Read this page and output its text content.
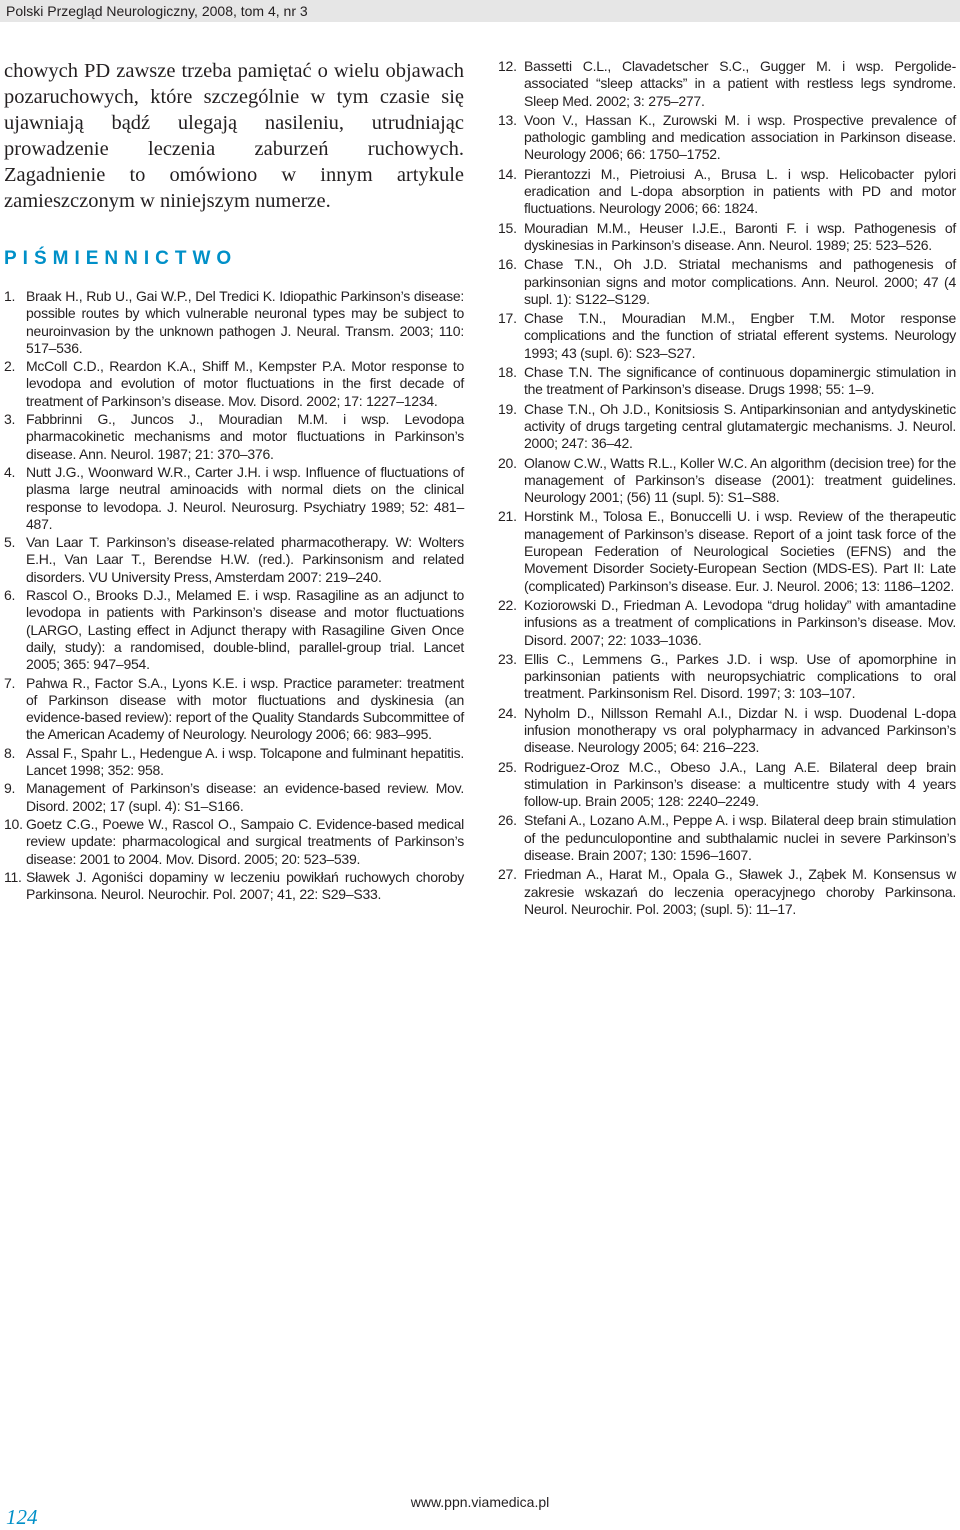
Polski Przegląd Neurologiczny, 2008, tom 4, nr 3

chowych PD zawsze trzeba pamiętać o wielu objawach pozaruchowych, które szczególnie w tym czasie się ujawniają bądź ulegają nasileniu, utrudniając prowadzenie leczenia zaburzeń ruchowych. Zagadnienie to omówiono w innym artykule zamieszczonym w niniejszym numerze.

PIŚMIENNICTWO
1. Braak H., Rub U., Gai W.P., Del Tredici K. Idiopathic Parkinson’s disease: possible routes by which vulnerable neuronal types may be subject to neuroinvasion by the unknown pathogen J. Neural. Transm. 2003; 110: 517–536.
2. McColl C.D., Reardon K.A., Shiff M., Kempster P.A. Motor response to levodopa and evolution of motor fluctuations in the first decade of treatment of Parkinson’s disease. Mov. Disord. 2002; 17: 1227–1234.
3. Fabbrinni G., Juncos J., Mouradian M.M. i wsp. Levodopa pharmacokinetic mechanisms and motor fluctuations in Parkinson’s disease. Ann. Neurol. 1987; 21: 370–376.
4. Nutt J.G., Woonward W.R., Carter J.H. i wsp. Influence of fluctuations of plasma large neutral aminoacids with normal diets on the clinical response to levodopa. J. Neurol. Neurosurg. Psychiatry 1989; 52: 481–487.
5. Van Laar T. Parkinson’s disease-related pharmacotherapy. W: Wolters E.H., Van Laar T., Berendse H.W. (red.). Parkinsonism and related disorders. VU University Press, Amsterdam 2007: 219–240.
6. Rascol O., Brooks D.J., Melamed E. i wsp. Rasagiline as an adjunct to levodopa in patients with Parkinson’s disease and motor fluctuations (LARGO, Lasting effect in Adjunct therapy with Rasagiline Given Once daily, study): a randomised, double-blind, parallel-group trial. Lancet 2005; 365: 947–954.
7. Pahwa R., Factor S.A., Lyons K.E. i wsp. Practice parameter: treatment of Parkinson disease with motor fluctuations and dyskinesia (an evidence-based review): report of the Quality Standards Subcommittee of the American Academy of Neurology. Neurology 2006; 66: 983–995.
8. Assal F., Spahr L., Hedengue A. i wsp. Tolcapone and fulminant hepatitis. Lancet 1998; 352: 958.
9. Management of Parkinson’s disease: an evidence-based review. Mov. Disord. 2002; 17 (supl. 4): S1–S166.
10. Goetz C.G., Poewe W., Rascol O., Sampaio C. Evidence-based medical review update: pharmacological and surgical treatments of Parkinson’s disease: 2001 to 2004. Mov. Disord. 2005; 20: 523–539.
11. Sławek J. Agoniści dopaminy w leczeniu powikłań ruchowych choroby Parkinsona. Neurol. Neurochir. Pol. 2007; 41, 22: S29–S33.
12. Bassetti C.L., Clavadetscher S.C., Gugger M. i wsp. Pergolide-associated “sleep attacks” in a patient with restless legs syndrome. Sleep Med. 2002; 3: 275–277.
13. Voon V., Hassan K., Zurowski M. i wsp. Prospective prevalence of pathologic gambling and medication association in Parkinson disease. Neurology 2006; 66: 1750–1752.
14. Pierantozzi M., Pietroiusi A., Brusa L. i wsp. Helicobacter pylori eradication and L-dopa absorption in patients with PD and motor fluctuations. Neurology 2006; 66: 1824.
15. Mouradian M.M., Heuser I.J.E., Baronti F. i wsp. Pathogenesis of dyskinesias in Parkinson’s disease. Ann. Neurol. 1989; 25: 523–526.
16. Chase T.N., Oh J.D. Striatal mechanisms and pathogenesis of parkinsonian signs and motor complications. Ann. Neurol. 2000; 47 (4 supl. 1): S122–S129.
17. Chase T.N., Mouradian M.M., Engber T.M. Motor response complications and the function of striatal efferent systems. Neurology 1993; 43 (supl. 6): S23–S27.
18. Chase T.N. The significance of continuous dopaminergic stimulation in the treatment of Parkinson’s disease. Drugs 1998; 55: 1–9.
19. Chase T.N., Oh J.D., Konitsiosis S. Antiparkinsonian and antydyskinetic activity of drugs targeting central glutamatergic mechanisms. J. Neurol. 2000; 247: 36–42.
20. Olanow C.W., Watts R.L., Koller W.C. An algorithm (decision tree) for the management of Parkinson’s disease (2001): treatment guidelines. Neurology 2001; (56) 11 (supl. 5): S1–S88.
21. Horstink M., Tolosa E., Bonuccelli U. i wsp. Review of the therapeutic management of Parkinson’s disease. Report of a joint task force of the European Federation of Neurological Societies (EFNS) and the Movement Disorder Society-European Section (MDS-ES). Part II: Late (complicated) Parkinson’s disease. Eur. J. Neurol. 2006; 13: 1186–1202.
22. Koziorowski D., Friedman A. Levodopa “drug holiday” with amantadine infusions as a treatment of complications in Parkinson’s disease. Mov. Disord. 2007; 22: 1033–1036.
23. Ellis C., Lemmens G., Parkes J.D. i wsp. Use of apomorphine in parkinsonian patients with neuropsychiatric complications to oral treatment. Parkinsonism Rel. Disord. 1997; 3: 103–107.
24. Nyholm D., Nillsson Remahl A.I., Dizdar N. i wsp. Duodenal L-dopa infusion monotherapy vs oral polypharmacy in advanced Parkinson’s disease. Neurology 2005; 64: 216–223.
25. Rodriguez-Oroz M.C., Obeso J.A., Lang A.E. Bilateral deep brain stimulation in Parkinson’s disease: a multicentre study with 4 years follow-up. Brain 2005; 128: 2240–2249.
26. Stefani A., Lozano A.M., Peppe A. i wsp. Bilateral deep brain stimulation of the pedunculopontine and subthalamic nuclei in severe Parkinson’s disease. Brain 2007; 130: 1596–1607.
27. Friedman A., Harat M., Opala G., Sławek J., Ząbek M. Konsensus w zakresie wskazań do leczenia operacyjnego choroby Parkinsona. Neurol. Neurochir. Pol. 2003; (supl. 5): 11–17.
124
www.ppn.viamedica.pl
